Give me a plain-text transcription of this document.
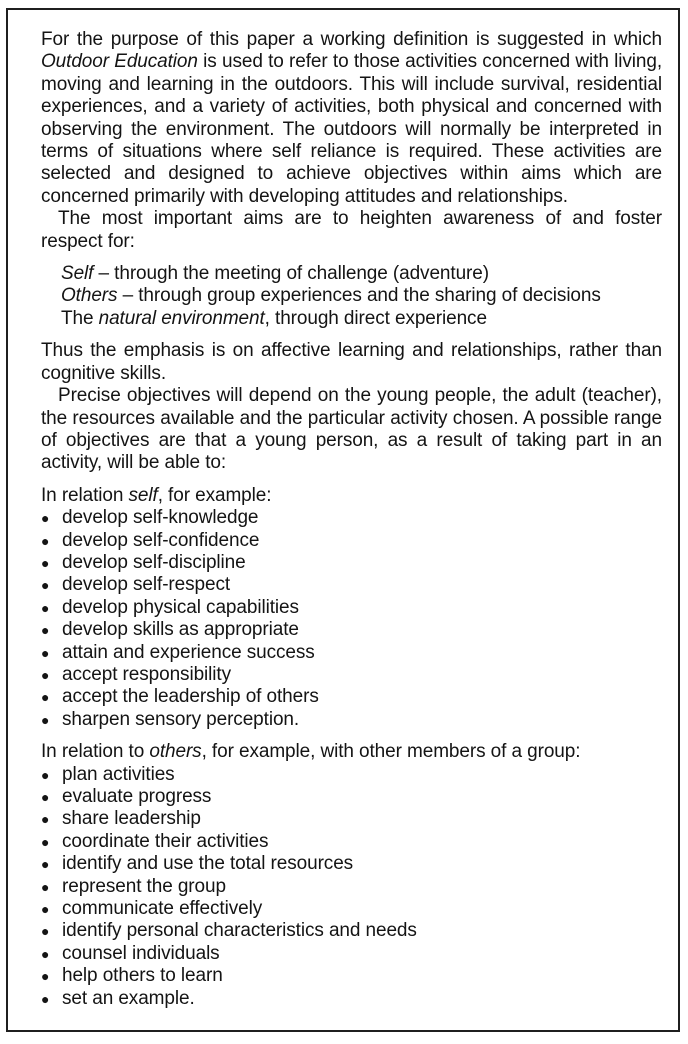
For the purpose of this paper a working definition is suggested in which Outdoor Education is used to refer to those activities concerned with living, moving and learning in the outdoors. This will include survival, residential experiences, and a variety of activities, both physical and concerned with observing the environment. The outdoors will normally be interpreted in terms of situations where self reliance is required. These activities are selected and designed to achieve objectives within aims which are concerned primarily with developing attitudes and relationships.

The most important aims are to heighten awareness of and foster respect for:

Self – through the meeting of challenge (adventure)

Others – through group experiences and the sharing of decisions

The natural environment, through direct experience

Thus the emphasis is on affective learning and relationships, rather than cognitive skills.

Precise objectives will depend on the young people, the adult (teacher), the resources available and the particular activity chosen. A possible range of objectives are that a young person, as a result of taking part in an activity, will be able to:

In relation self, for example:

● develop self-knowledge
● develop self-confidence
● develop self-discipline
● develop self-respect
● develop physical capabilities
● develop skills as appropriate
● attain and experience success
● accept responsibility
● accept the leadership of others
● sharpen sensory perception.

In relation to others, for example, with other members of a group:

● plan activities
● evaluate progress
● share leadership
● coordinate their activities
● identify and use the total resources
● represent the group
● communicate effectively
● identify personal characteristics and needs
● counsel individuals
● help others to learn
● set an example.
